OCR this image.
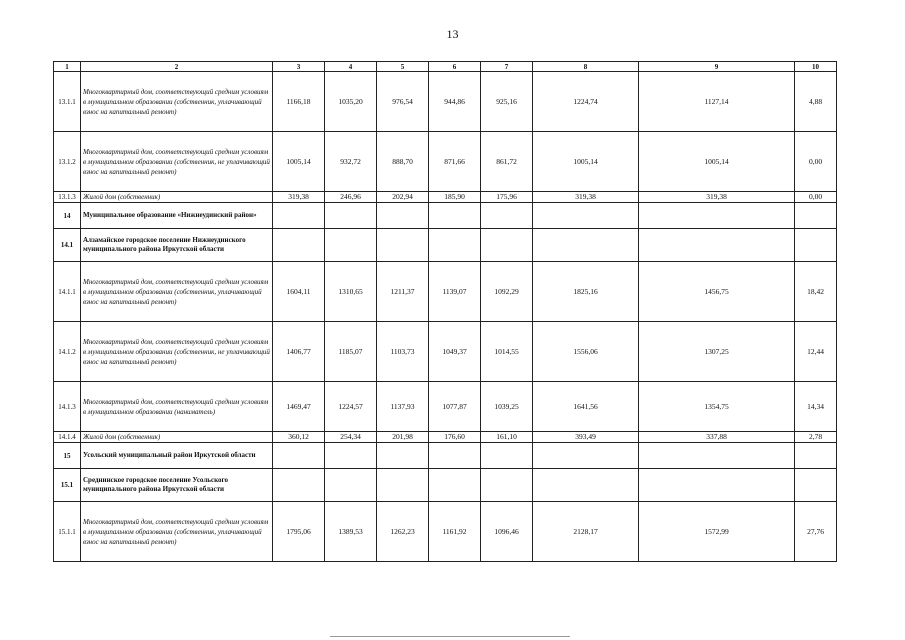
13
1	2	3	4	5	6	7	8	9	10
13.1.1	Многоквартирный дом, соответствующий средним условиям в муниципальном образовании (собственник, уплачивающий взнос на капитальный ремонт)	1166,18	1035,20	976,54	944,86	925,16	1224,74	1127,14	4,88
13.1.2	Многоквартирный дом, соответствующий средним условиям в муниципальном образовании (собственник, не уплачивающий взнос на капитальный ремонт)	1005,14	932,72	888,70	871,66	861,72	1005,14	1005,14	0,00
13.1.3	Жилой дом (собственник)	319,38	246,96	202,94	185,90	175,96	319,38	319,38	0,00
14	Муниципальное образование «Нижнеудинский район»								
14.1	Алзамайское городское поселение Нижнеудинского муниципального района Иркутской области								
14.1.1	Многоквартирный дом, соответствующий средним условиям в муниципальном образовании (собственник, уплачивающий взнос на капитальный ремонт)	1604,11	1310,65	1211,37	1139,07	1092,29	1825,16	1456,75	18,42
14.1.2	Многоквартирный дом, соответствующий средним условиям в муниципальном образовании (собственник, не уплачивающий взнос на капитальный ремонт)	1406,77	1185,07	1103,73	1049,37	1014,55	1556,06	1307,25	12,44
14.1.3	Многоквартирный дом, соответствующий средним условиям в муниципальном образовании (наниматель)	1469,47	1224,57	1137,93	1077,87	1039,25	1641,56	1354,75	14,34
14.1.4	Жилой дом (собственник)	360,12	254,34	201,98	176,60	161,10	393,49	337,88	2,78
15	Усольский муниципальный район Иркутской области								
15.1	Среднинское городское поселение Усольского муниципального района Иркутской области								
15.1.1	Многоквартирный дом, соответствующий средним условиям в муниципальном образовании (собственник, уплачивающий взнос на капитальный ремонт)	1795,06	1389,53	1262,23	1161,92	1096,46	2128,17	1572,99	27,76
